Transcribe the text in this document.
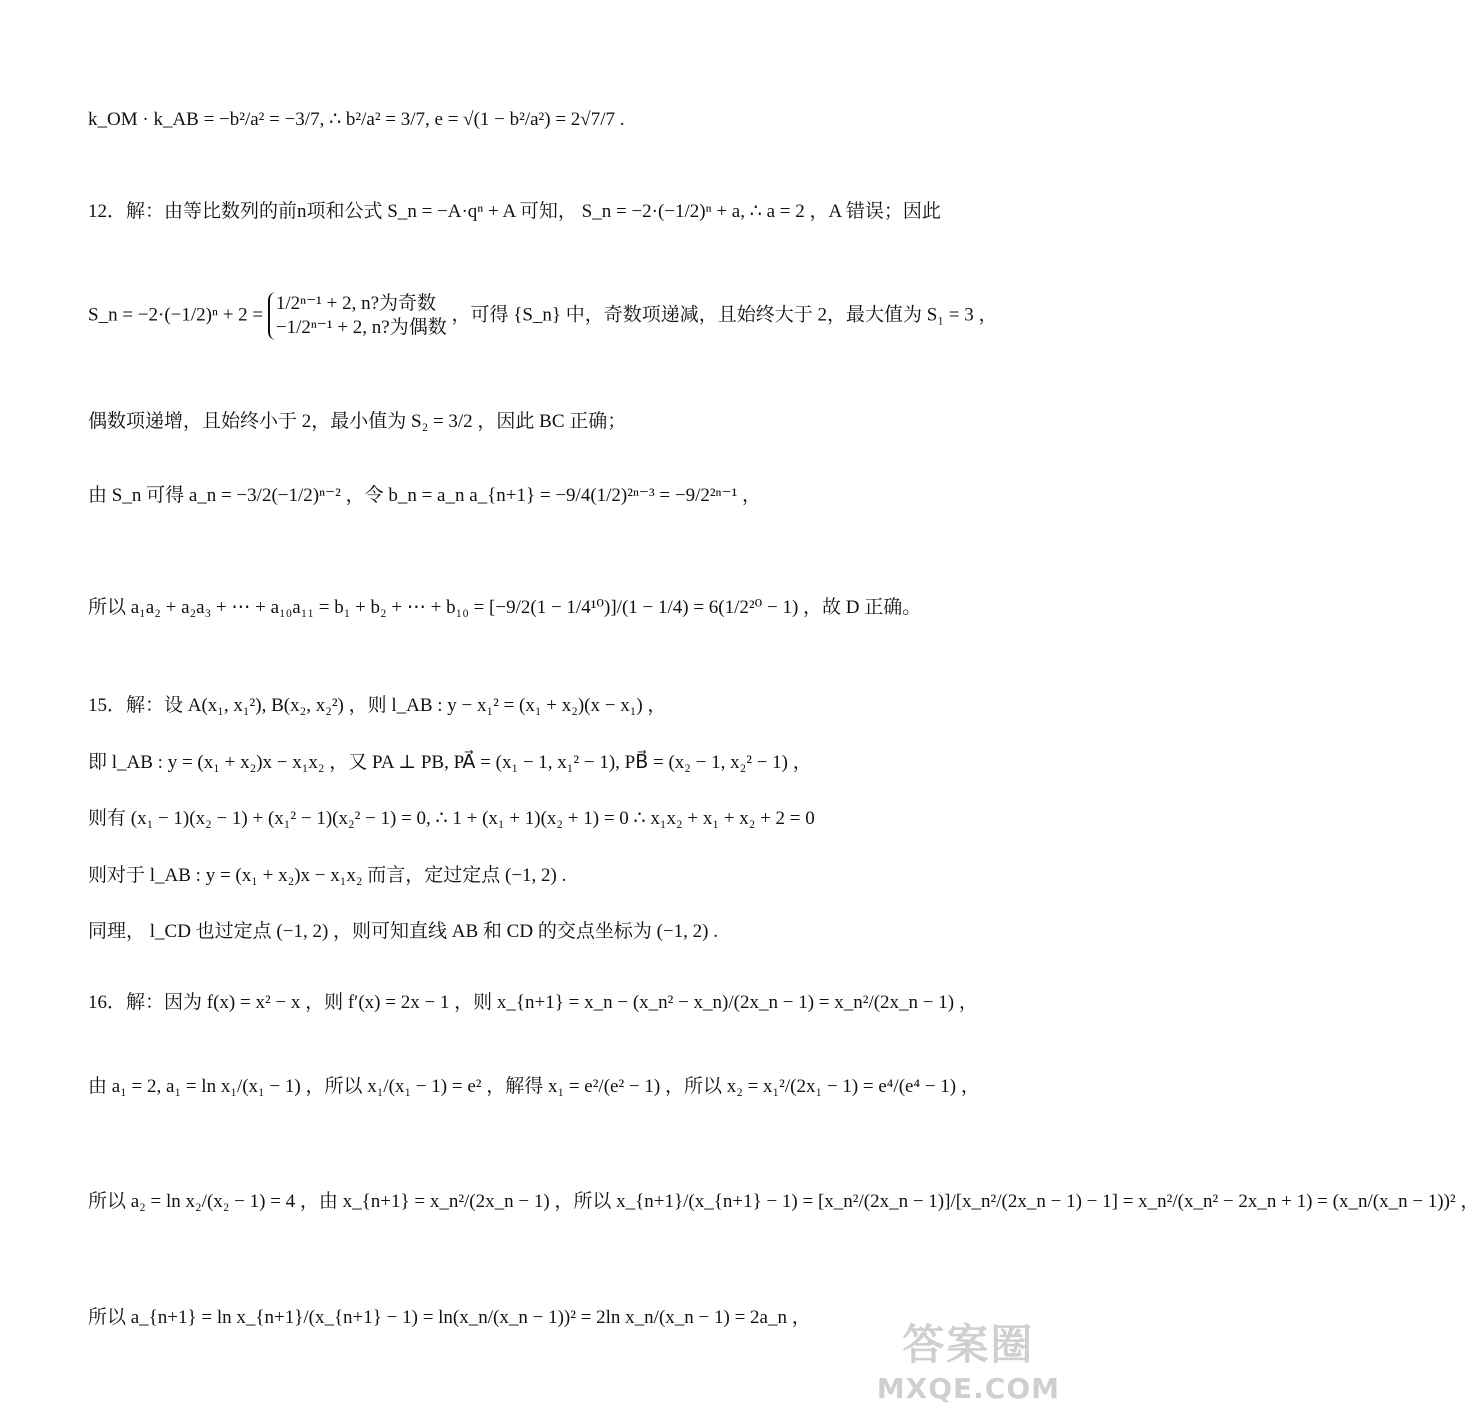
k_OM · k_AB = −b²/a² = −3/7, ∴ b²/a² = 3/7, e = √(1 − b²/a²) = 2√7/7 .
12．解：由等比数列的前n项和公式 S_n = −A·qⁿ + A 可知， S_n = −2·(−1/2)ⁿ + a, ∴ a = 2 ，A 错误；因此
S_n = −2·(−1/2)ⁿ + 2 =
1/2ⁿ⁻¹ + 2, n?为奇数
−1/2ⁿ⁻¹ + 2, n?为偶数
，可得 {S_n} 中，奇数项递减，且始终大于 2，最大值为 S₁ = 3 ，
偶数项递增，且始终小于 2，最小值为 S₂ = 3/2 ，因此 BC 正确；
由 S_n 可得 a_n = −3/2(−1/2)ⁿ⁻² ，令 b_n = a_n a_{n+1} = −9/4(1/2)²ⁿ⁻³ = −9/2²ⁿ⁻¹ ，
所以 a₁a₂ + a₂a₃ + ⋯ + a₁₀a₁₁ = b₁ + b₂ + ⋯ + b₁₀ = [−9/2(1 − 1/4¹⁰)]/(1 − 1/4) = 6(1/2²⁰ − 1) ，故 D 正确。
15．解：设 A(x₁, x₁²), B(x₂, x₂²) ，则 l_AB : y − x₁² = (x₁ + x₂)(x − x₁) ，
即 l_AB : y = (x₁ + x₂)x − x₁x₂ ，又 PA ⊥ PB, PA⃗ = (x₁ − 1, x₁² − 1), PB⃗ = (x₂ − 1, x₂² − 1) ，
则有 (x₁ − 1)(x₂ − 1) + (x₁² − 1)(x₂² − 1) = 0, ∴ 1 + (x₁ + 1)(x₂ + 1) = 0 ∴ x₁x₂ + x₁ + x₂ + 2 = 0
则对于 l_AB : y = (x₁ + x₂)x − x₁x₂ 而言，定过定点 (−1, 2) .
同理， l_CD 也过定点 (−1, 2) ，则可知直线 AB 和 CD 的交点坐标为 (−1, 2) .
16．解：因为 f(x) = x² − x ，则 f′(x) = 2x − 1 ，则 x_{n+1} = x_n − (x_n² − x_n)/(2x_n − 1) = x_n²/(2x_n − 1) ，
由 a₁ = 2, a₁ = ln x₁/(x₁ − 1) ，所以 x₁/(x₁ − 1) = e² ，解得 x₁ = e²/(e² − 1) ，所以 x₂ = x₁²/(2x₁ − 1) = e⁴/(e⁴ − 1) ，
所以 a₂ = ln x₂/(x₂ − 1) = 4 ，由 x_{n+1} = x_n²/(2x_n − 1) ，所以 x_{n+1}/(x_{n+1} − 1) = [x_n²/(2x_n − 1)]/[x_n²/(2x_n − 1) − 1] = x_n²/(x_n² − 2x_n + 1) = (x_n/(x_n − 1))² ，
所以 a_{n+1} = ln x_{n+1}/(x_{n+1} − 1) = ln(x_n/(x_n − 1))² = 2ln x_n/(x_n − 1) = 2a_n ，
答案圈
MXQE.COM
